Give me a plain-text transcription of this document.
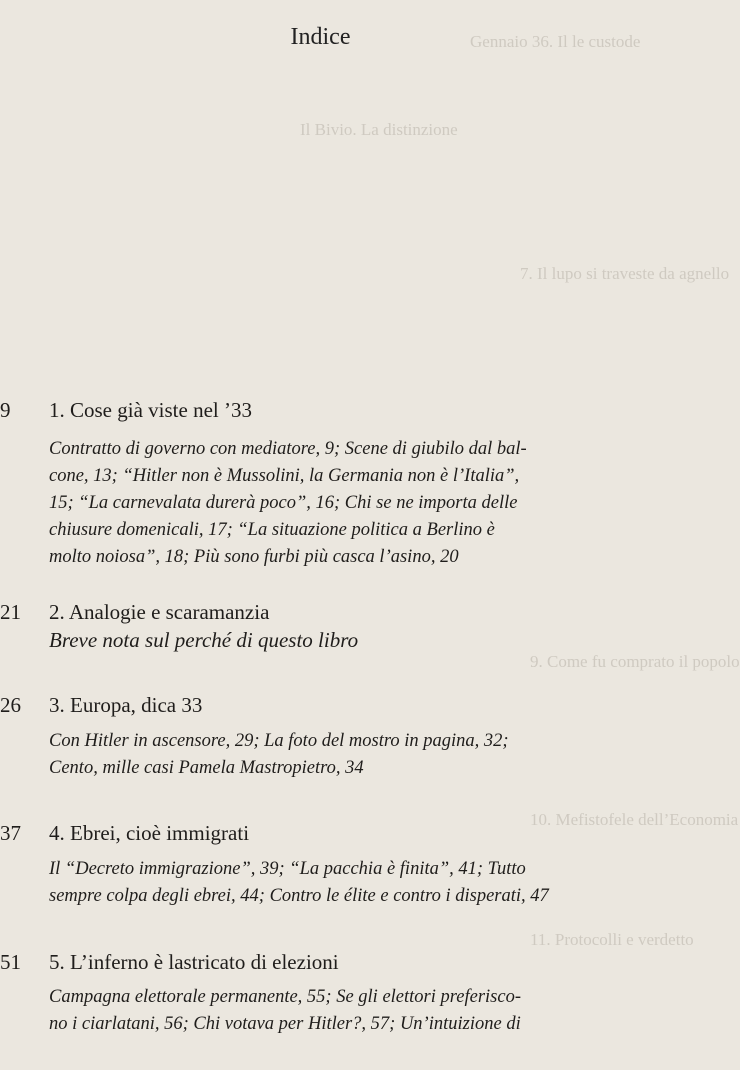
Gennaio 36. Il le custode
Il Bivio. La distinzione
7. Il lupo si traveste da agnello
9. Come fu comprato il popolo
10. Mefistofele dell’Economia
11. Protocolli e verdetto
Indice
9 1. Cose già viste nel ’33
Contratto di governo con mediatore, 9; Scene di giubilo dal bal-
cone, 13; “Hitler non è Mussolini, la Germania non è l’Italia”,
15; “La carnevalata durerà poco”, 16; Chi se ne importa delle
chiusure domenicali, 17; “La situazione politica a Berlino è
molto noiosa”, 18; Più sono furbi più casca l’asino, 20
21 2. Analogie e scaramanzia
Breve nota sul perché di questo libro
26 3. Europa, dica 33
Con Hitler in ascensore, 29; La foto del mostro in pagina, 32;
Cento, mille casi Pamela Mastropietro, 34
37 4. Ebrei, cioè immigrati
Il “Decreto immigrazione”, 39; “La pacchia è finita”, 41; Tutto
sempre colpa degli ebrei, 44; Contro le élite e contro i disperati, 47
51 5. L’inferno è lastricato di elezioni
Campagna elettorale permanente, 55; Se gli elettori preferisco-
no i ciarlatani, 56; Chi votava per Hitler?, 57; Un’intuizione di
